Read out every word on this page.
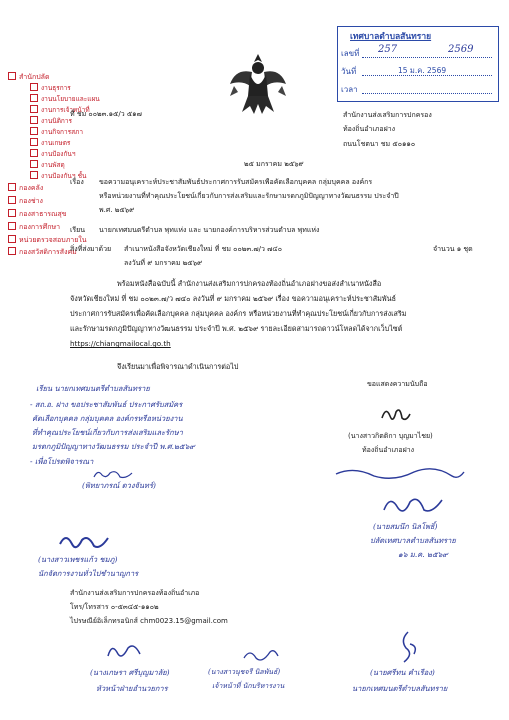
เทศบาลตำบลสันทราย
เลขที่ 257	2569
วันที่	15 ม.ค. 2569
เวลา
สำนักปลัด
งานธุรการ
งานนโยบายและแผน
งานการเจ้าหน้าที่
งานนิติการ
งานกิจการสภา
งานเกษตร
งานป้องกันฯ
งานพัสดุ
งานป้องกันฯ ชั้น
กองคลัง
กองช่าง
กองสาธารณสุข
กองการศึกษา
หน่วยตรวจสอบภายใน
กองสวัสดิการสังคม
ที่ ชม ๐๐๒๓.๑๕/ว ๕๑๗	สำนักงานส่งเสริมการปกครอง
ท้องถิ่นอำเภอฝาง
ถนนโชตนา ชม ๕๐๑๑๐
๒๕ มกราคม ๒๕๖๙
เรื่อง ขอความอนุเคราะห์ประชาสัมพันธ์ประกาศการรับสมัครเพื่อคัดเลือกบุคคล กลุ่มบุคคล องค์กร
หรือหน่วยงานที่ทำคุณประโยชน์เกี่ยวกับการส่งเสริมและรักษามรดกภูมิปัญญาทางวัฒนธรรม ประจำปี
พ.ศ. ๒๕๖๙
เรียน นายกเทศมนตรีตำบล พุทแห่ง และ นายกองค์การบริหารส่วนตำบล พุทแห่ง
สิ่งที่ส่งมาด้วย สำเนาหนังสือจังหวัดเชียงใหม่ ที่ ชม ๐๐๒๓.๗/ว ๗๔๐
ลงวันที่ ๙ มกราคม ๒๕๖๙
จำนวน ๑ ชุด
พร้อมหนังสือฉบับนี้ สำนักงานส่งเสริมการปกครองท้องถิ่นอำเภอฝางขอส่งสำเนาหนังสือ
จังหวัดเชียงใหม่ ที่ ชม ๐๐๒๓.๗/ว ๗๔๐ ลงวันที่ ๙ มกราคม ๒๕๖๙ เรื่อง ขอความอนุเคราะห์ประชาสัมพันธ์
ประกาศการรับสมัครเพื่อคัดเลือกบุคคล กลุ่มบุคคล องค์กร หรือหน่วยงานที่ทำคุณประโยชน์เกี่ยวกับการส่งเสริม
และรักษามรดกภูมิปัญญาทางวัฒนธรรม ประจำปี พ.ศ. ๒๕๖๙ รายละเอียดสามารถดาวน์โหลดได้จากเว็บไซต์
https://chiangmailocal.go.th
จึงเรียนมาเพื่อพิจารณาดำเนินการต่อไป
ขอแสดงความนับถือ
(นางสาวกิตติกา บุญมาไชย)
ท้องถิ่นอำเภอฝาง
เรียน นายกเทศมนตรีตำบลสันทราย
- สถ.อ. ฝาง ขอประชาสัมพันธ์ ประกาศรับสมัคร
คัดเลือกบุคคล กลุ่มบุคคล องค์กรหรือหน่วยงาน
ที่ทำคุณประโยชน์เกี่ยวกับการส่งเสริมและรักษา
มรดกภูมิปัญญาทางวัฒนธรรม ประจำปี พ.ศ.๒๕๖๙
- เพื่อโปรดพิจารณา
(พิทยาภรณ์ ดวงจันทร์)
(นายสมนึก นิลโพธิ์)
ปลัดเทศบาลตำบลสันทราย
๑๖ ม.ค. ๒๕๖๙
(นางสาวเพชรแก้ว ชมภู)
นักจัดการงานทั่วไปชำนาญการ
สำนักงานส่งเสริมการปกครองท้องถิ่นอำเภอ
โทร/โทรสาร ๐-๕๓๔๕-๑๑๐๒
ไปรษณีย์อิเล็กทรอนิกส์ chm0023.15@gmail.com
(นางเกษรา ศรีบุญมาลัย)
หัวหน้าฝ่ายอำนวยการ
(นางสาวนุชจรี นิลพันธ์)
เจ้าหน้าที่ นักบริหารงาน
(นายศรีทน คำเรือง)
นายกเทศมนตรีตำบลสันทราย
